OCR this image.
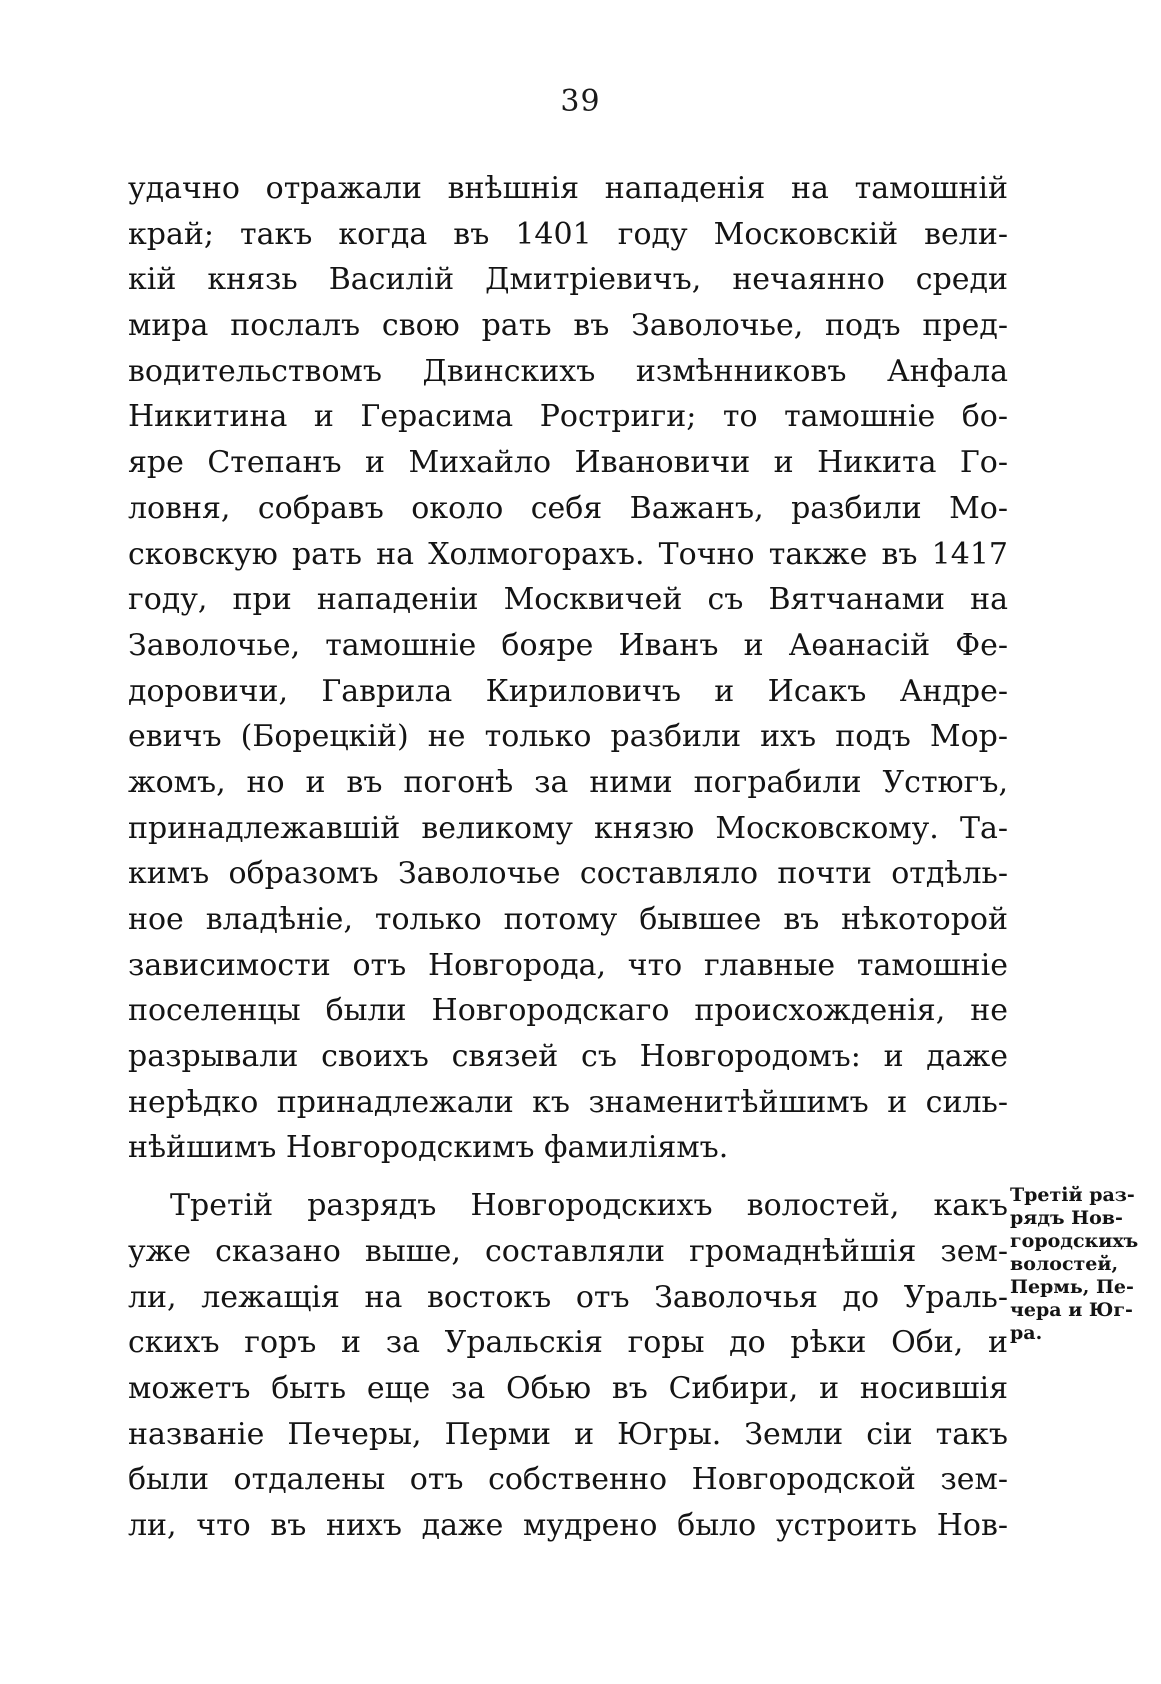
39
удачно отражали внѣшнія нападенія на тамошній
край; такъ когда въ 1401 году Московскій вели-
кій князь Василій Дмитріевичъ, нечаянно среди
мира послалъ свою рать въ Заволочье, подъ пред-
водительствомъ Двинскихъ измѣнниковъ Анфала
Никитина и Герасима Ростриги; то тамошніе бо-
яре Степанъ и Михайло Ивановичи и Никита Го-
ловня, собравъ около себя Важанъ, разбили Мо-
сковскую рать на Холмогорахъ. Точно также въ 1417
году, при нападеніи Москвичей съ Вятчанами на
Заволочье, тамошніе бояре Иванъ и Аѳанасій Фе-
доровичи, Гаврила Кириловичъ и Исакъ Андре-
евичъ (Борецкій) не только разбили ихъ подъ Мор-
жомъ, но и въ погонѣ за ними пограбили Устюгъ,
принадлежавшій великому князю Московскому. Та-
кимъ образомъ Заволочье составляло почти отдѣль-
ное владѣніе, только потому бывшее въ нѣкоторой
зависимости отъ Новгорода, что главные тамошніе
поселенцы были Новгородскаго происхожденія, не
разрывали своихъ связей съ Новгородомъ: и даже
нерѣдко принадлежали къ знаменитѣйшимъ и силь-
нѣйшимъ Новгородскимъ фамиліямъ.
Третій разрядъ Новгородскихъ волостей, какъ
уже сказано выше, составляли громаднѣйшія зем-
ли, лежащія на востокъ отъ Заволочья до Ураль-
скихъ горъ и за Уральскія горы до рѣки Оби, и
можетъ быть еще за Обью въ Сибири, и носившія
названіе Печеры, Перми и Югры. Земли сіи такъ
были отдалены отъ собственно Новгородской зем-
ли, что въ нихъ даже мудрено было устроить Нов-
Третій раз-
рядъ Нов-
городскихъ
волостей,
Пермь, Пе-
чера и Юг-
ра.
